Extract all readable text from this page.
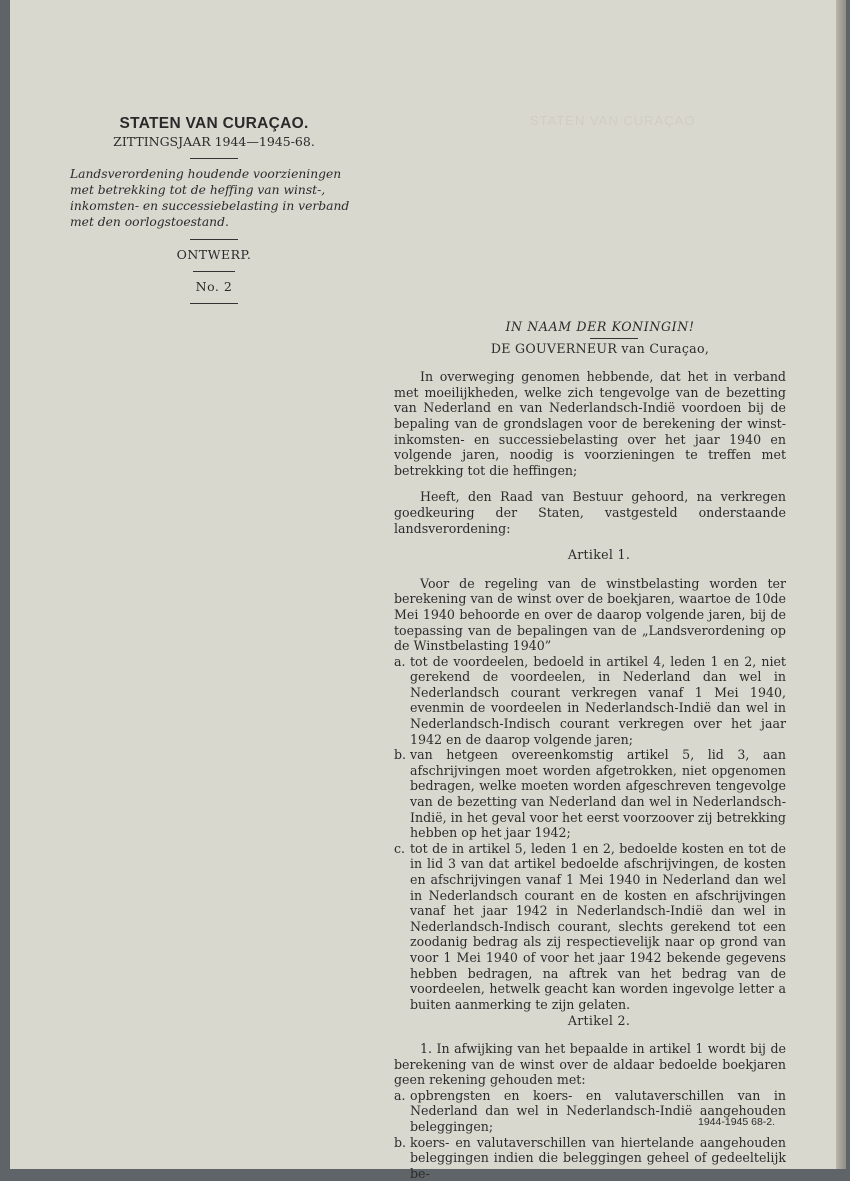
STATEN VAN CURAÇAO
STATEN VAN CURAÇAO.
ZITTINGSJAAR 1944—1945-68.
Landsverordening houdende voorzieningen met betrekking tot de heffing van winst-, inkomsten- en successiebelasting in verband met den oorlogstoestand.
ONTWERP.
No. 2
IN NAAM DER KONINGIN!
DE GOUVERNEUR van Curaçao,

In overweging genomen hebbende, dat het in verband met moeilijkheden, welke zich tengevolge van de bezetting van Nederland en van Nederlandsch-Indië voordoen bij de bepaling van de grondslagen voor de berekening der winst- inkomsten- en successiebelasting over het jaar 1940 en volgende jaren, noodig is voorzieningen te treffen met betrekking tot die heffingen;

Heeft, den Raad van Bestuur gehoord, na verkregen goedkeuring der Staten, vastgesteld onderstaande landsverordening:

Artikel 1.

Voor de regeling van de winstbelasting worden ter berekening van de winst over de boekjaren, waartoe de 10de Mei 1940 behoorde en over de daarop volgende jaren, bij de toepassing van de bepalingen van de „Landsverordening op de Winstbelasting 1940”

a. tot de voordeelen, bedoeld in artikel 4, leden 1 en 2, niet gerekend de voordeelen, in Nederland dan wel in Nederlandsch courant verkregen vanaf 1 Mei 1940, evenmin de voordeelen in Nederlandsch-Indië dan wel in Nederlandsch-Indisch courant verkregen over het jaar 1942 en de daarop volgende jaren;
b. van hetgeen overeenkomstig artikel 5, lid 3, aan afschrijvingen moet worden afgetrokken, niet opgenomen bedragen, welke moeten worden afgeschreven tengevolge van de bezetting van Nederland dan wel in Nederlandsch-Indië, in het geval voor het eerst voorzoover zij betrekking hebben op het jaar 1942;
c. tot de in artikel 5, leden 1 en 2, bedoelde kosten en tot de in lid 3 van dat artikel bedoelde afschrijvingen, de kosten en afschrijvingen vanaf 1 Mei 1940 in Nederland dan wel in Nederlandsch courant en de kosten en afschrijvingen vanaf het jaar 1942 in Nederlandsch-Indië dan wel in Nederlandsch-Indisch courant, slechts gerekend tot een zoodanig bedrag als zij respectievelijk naar op grond van voor 1 Mei 1940 of voor het jaar 1942 bekende gegevens hebben bedragen, na aftrek van het bedrag van de voordeelen, hetwelk geacht kan worden ingevolge letter a buiten aanmerking te zijn gelaten.
Artikel 2.

1. In afwijking van het bepaalde in artikel 1 wordt bij de berekening van de winst over de aldaar bedoelde boekjaren geen rekening gehouden met:

a. opbrengsten en koers- en valutaverschillen van in Nederland dan wel in Nederlandsch-Indië aangehouden beleggingen;
b. koers- en valutaverschillen van hiertelande aangehouden beleggingen indien die beleggingen geheel of gedeeltelijk be-
1944-1945 68-2.
